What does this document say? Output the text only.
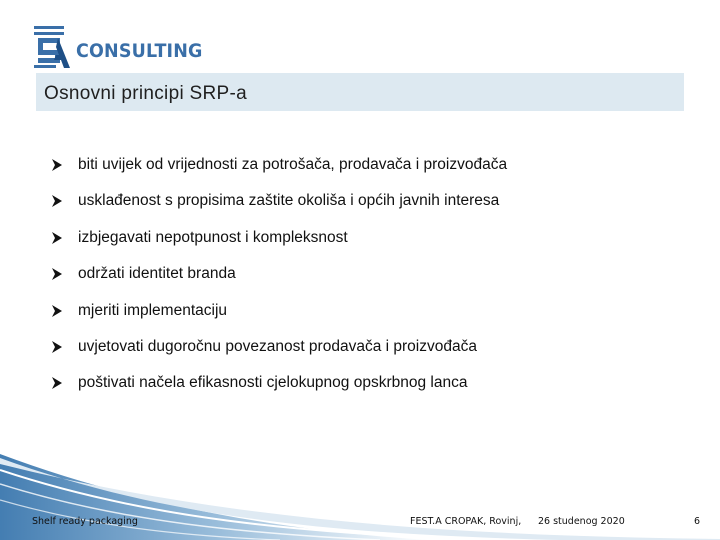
CONSULTING
Osnovni principi SRP-a
biti uvijek od vrijednosti za potrošača, prodavača i proizvođača
usklađenost s propisima zaštite okoliša i općih javnih interesa
izbjegavati nepotpunost i kompleksnost
održati identitet branda
mjeriti implementaciju
uvjetovati dugoročnu povezanost prodavača i proizvođača
poštivati načela efikasnosti cjelokupnog opskrbnog lanca
Shelf ready packaging	FEST.A CROPAK, Rovinj, 26 studenog 2020	6
